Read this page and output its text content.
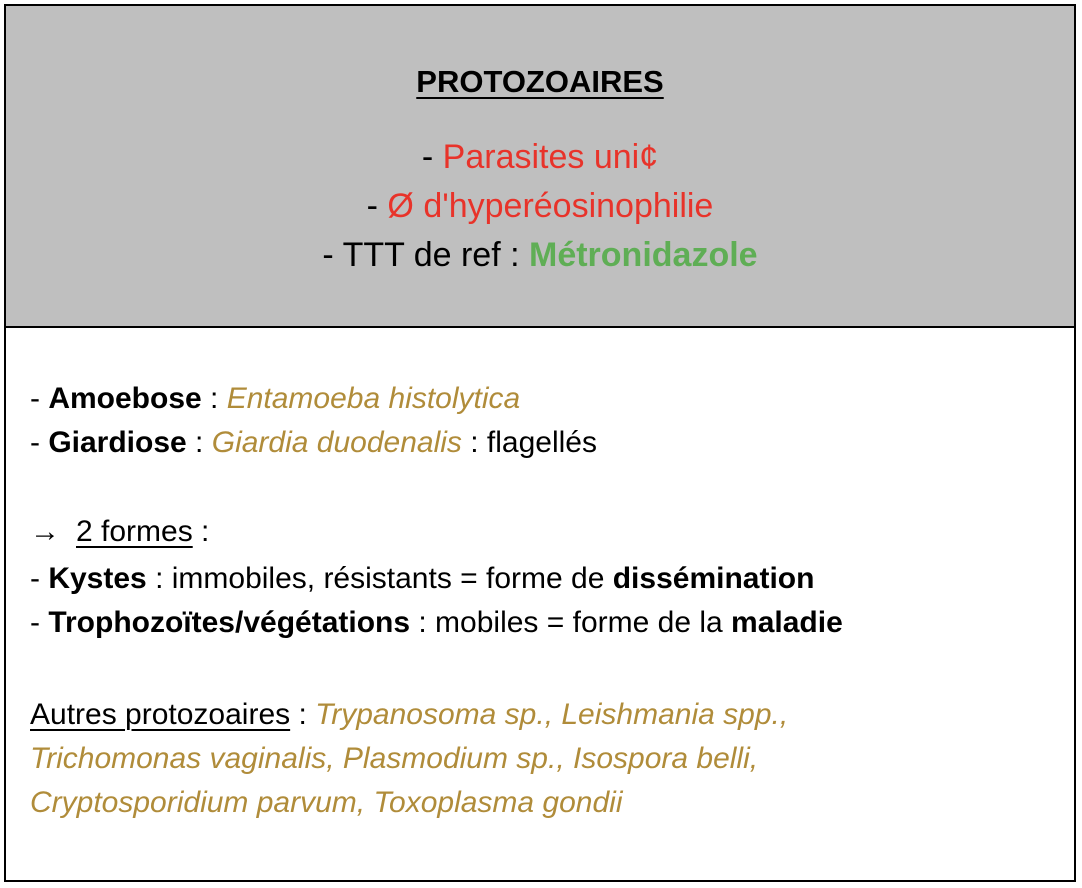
PROTOZOAIRES
- Parasites uni¢
- Ø d'hyperéosinophilie
- TTT de ref : Métronidazole
- Amoebose : Entamoeba histolytica
- Giardiose : Giardia duodenalis : flagellés
→ 2 formes :
- Kystes : immobiles, résistants = forme de dissémination
- Trophozoïtes/végétations : mobiles = forme de la maladie
Autres protozoaires : Trypanosoma sp., Leishmania spp.,
Trichomonas vaginalis, Plasmodium sp., Isospora belli,
Cryptosporidium parvum, Toxoplasma gondii
